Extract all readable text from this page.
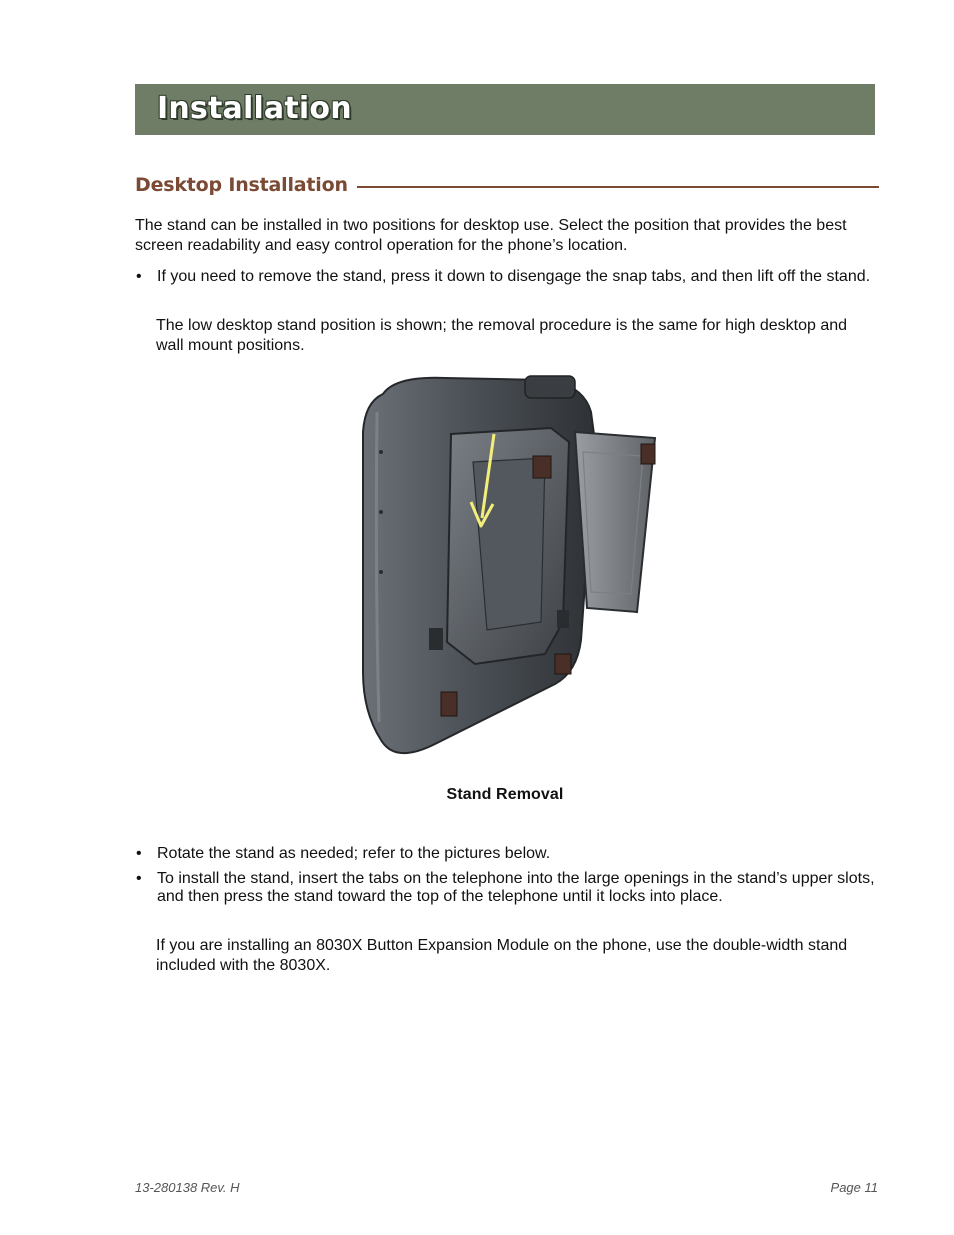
Installation
Desktop Installation

The stand can be installed in two positions for desktop use. Select the position that provides the best screen readability and easy control operation for the phone’s location.

• If you need to remove the stand, press it down to disengage the snap tabs, and then lift off the stand.

The low desktop stand position is shown; the removal procedure is the same for high desktop and wall mount positions.

Stand Removal
• Rotate the stand as needed; refer to the pictures below.
• To install the stand, insert the tabs on the telephone into the large openings in the stand’s upper slots, and then press the stand toward the top of the telephone until it locks into place.

If you are installing an 8030X Button Expansion Module on the phone, use the double-width stand included with the 8030X.

13-280138 Rev. H	Page 11
